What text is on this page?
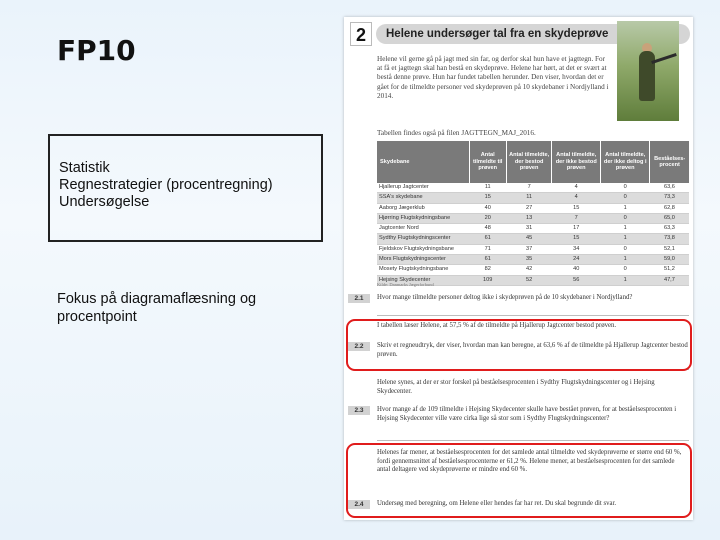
FP10
Statistik
Regnestrategier (procentregning)
Undersøgelse
Fokus på diagramaflæsning og procentpoint
2	Helene undersøger tal fra en skydeprøve
Helene vil gerne gå på jagt med sin far, og derfor skal hun have et jagttegn. For at få et jagttegn skal han bestå en skydeprøve. Helene har hørt, at det er svært at bestå denne prøve. Hun har fundet tabellen herunder. Den viser, hvordan det er gået for de tilmeldte personer ved skydeprøven på 10 skydebaner i Nordjylland i 2014.
Tabellen findes også på filen JAGTTEGN_MAJ_2016.
Skydebane	Antal tilmeldte til prøven	Antal tilmeldte, der bestod prøven	Antal tilmeldte, der ikke bestod prøven	Antal tilmeldte, der ikke deltog i prøven	Beståelses-procent
Hjallerup Jagtcenter	11	7	4	0	63,6
SSA's skydebane	15	11	4	0	73,3
Aaborg Jægerklub	40	27	15	1	62,8
Hjørring Flugtskydningsbane	20	13	7	0	65,0
Jagtcenter Nord	48	31	17	1	63,3
Sydthy Flugtskydningscenter	61	45	15	1	73,8
Fjeldskov Flugtskydningsbane	71	37	34	0	52,1
Mors Flugtskydningscenter	61	35	24	1	59,0
Mosety Flugtskydningsbane	82	42	40	0	51,2
Hejsing Skydecenter	109	52	56	1	47,7
Kilde: Danmarks Jægerforbund
2.1	Hvor mange tilmeldte personer deltog ikke i skydeprøven på de 10 skydebaner i Nordjylland?
I tabellen læser Helene, at 57,5 % af de tilmeldte på Hjallerup Jagtcenter bestod prøven.
2.2	Skriv et regneudtryk, der viser, hvordan man kan beregne, at 63,6 % af de tilmeldte på Hjallerup Jagtcenter bestod prøven.
Helene synes, at der er stor forskel på beståelsesprocenten i Sydthy Flugtskydningscenter og i Hejsing Skydecenter.
2.3	Hvor mange af de 109 tilmeldte i Hejsing Skydecenter skulle have bestået prøven, for at beståelsesprocenten i Hejsing Skydecenter ville være cirka lige så stor som i Sydthy Flugtskydningscenter?
Helenes far mener, at beståelsesprocenten for det samlede antal tilmeldte ved skydeprøverne er større end 60 %, fordi gennemsnittet af beståelsesprocenterne er 61,2 %. Helene mener, at beståelsesprocenten for det samlede antal deltagere ved skydeprøverne er mindre end 60 %.
2.4	Undersøg med beregning, om Helene eller hendes far har ret. Du skal begrunde dit svar.
